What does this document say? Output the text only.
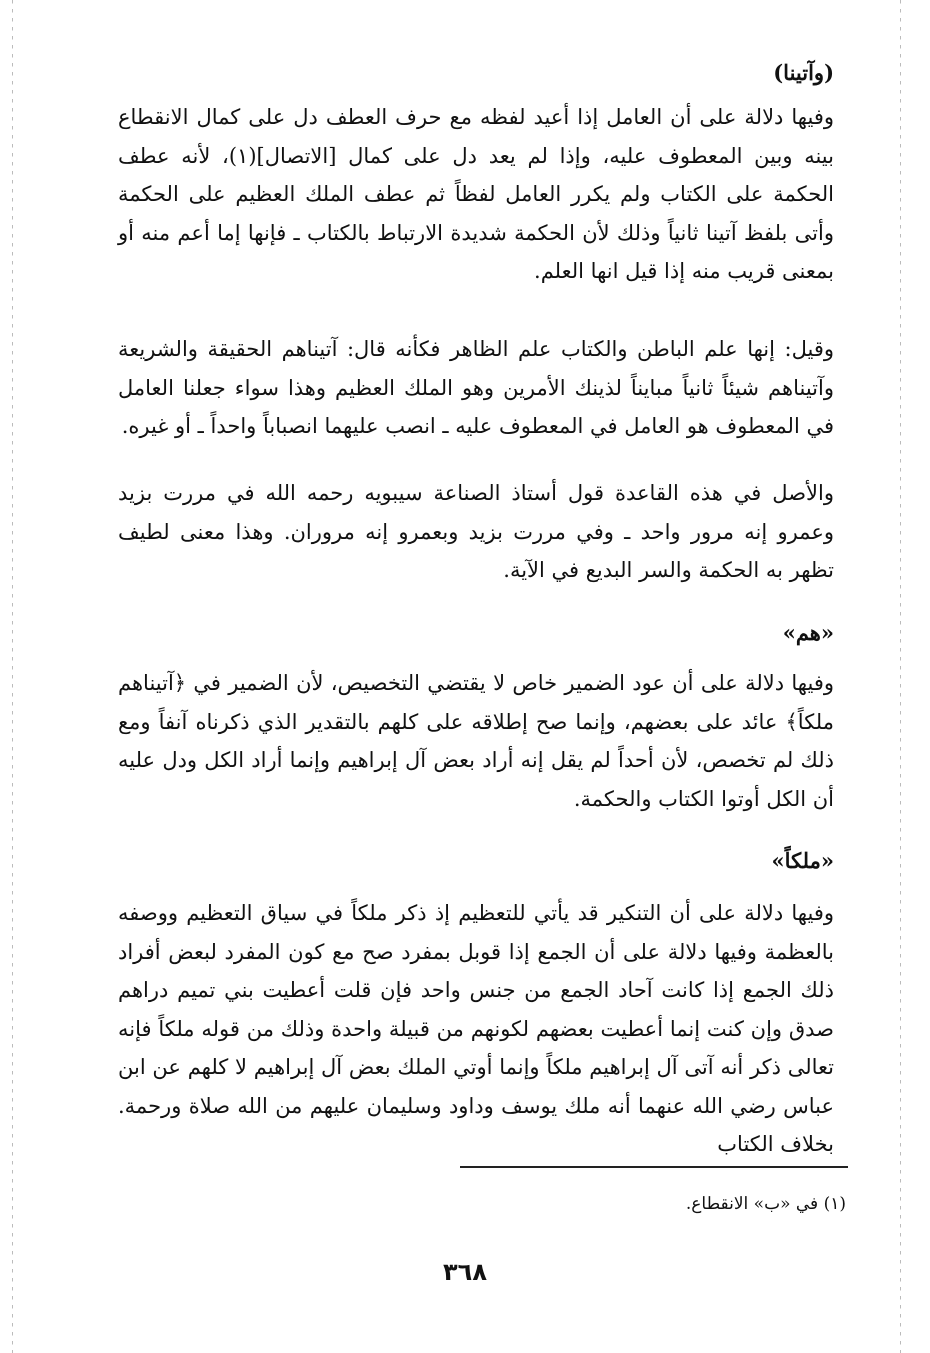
(وآتينا)

وفيها دلالة على أن العامل إذا أعيد لفظه مع حرف العطف دل على كمال الانقطاع بينه وبين المعطوف عليه، وإذا لم يعد دل على كمال [الاتصال](١)، لأنه عطف الحكمة على الكتاب ولم يكرر العامل لفظاً ثم عطف الملك العظيم على الحكمة وأتى بلفظ آتينا ثانياً وذلك لأن الحكمة شديدة الارتباط بالكتاب ـ فإنها إما أعم منه أو بمعنى قريب منه إذا قيل انها العلم.

وقيل: إنها علم الباطن والكتاب علم الظاهر فكأنه قال: آتيناهم الحقيقة والشريعة وآتيناهم شيئاً ثانياً مبايناً لذينك الأمرين وهو الملك العظيم وهذا سواء جعلنا العامل في المعطوف هو العامل في المعطوف عليه ـ انصب عليهما انصباباً واحداً ـ أو غيره.

والأصل في هذه القاعدة قول أستاذ الصناعة سيبويه رحمه الله في مررت بزيد وعمرو إنه مرور واحد ـ وفي مررت بزيد وبعمرو إنه مروران. وهذا معنى لطيف تظهر به الحكمة والسر البديع في الآية.

«هم»

وفيها دلالة على أن عود الضمير خاص لا يقتضي التخصيص، لأن الضمير في ﴿آتيناهم ملكاً﴾ عائد على بعضهم، وإنما صح إطلاقه على كلهم بالتقدير الذي ذكرناه آنفاً ومع ذلك لم تخصص، لأن أحداً لم يقل إنه أراد بعض آل إبراهيم وإنما أراد الكل ودل عليه أن الكل أوتوا الكتاب والحكمة.

«ملكاً»

وفيها دلالة على أن التنكير قد يأتي للتعظيم إذ ذكر ملكاً في سياق التعظيم ووصفه بالعظمة وفيها دلالة على أن الجمع إذا قوبل بمفرد صح مع كون المفرد لبعض أفراد ذلك الجمع إذا كانت آحاد الجمع من جنس واحد فإن قلت أعطيت بني تميم دراهم صدق وإن كنت إنما أعطيت بعضهم لكونهم من قبيلة واحدة وذلك من قوله ملكاً فإنه تعالى ذكر أنه آتى آل إبراهيم ملكاً وإنما أوتي الملك بعض آل إبراهيم لا كلهم عن ابن عباس رضي الله عنهما أنه ملك يوسف وداود وسليمان عليهم من الله صلاة ورحمة. بخلاف الكتاب

(١) في «ب» الانقطاع.
٣٦٨
